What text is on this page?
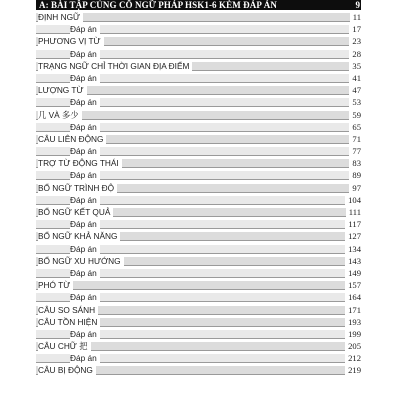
A: BÀI TẬP CỦNG CỐ NGỮ PHÁP HSK1-6 KÈM ĐÁP ÁN	9
ĐỊNH NGỮ	11
Đáp án	17
PHƯƠNG VỊ TỪ	23
Đáp án	28
TRẠNG NGỮ CHỈ THỜI GIAN ĐỊA ĐIỂM	35
Đáp án	41
LƯỢNG TỪ	47
Đáp án	53
几 VÀ 多少	59
Đáp án	65
CÂU LIÊN ĐỘNG	71
Đáp án	77
TRỢ TỪ ĐỘNG THÁI	83
Đáp án	89
BỔ NGỮ TRÌNH ĐỘ	97
Đáp án	104
BỔ NGỮ KẾT QUẢ	111
Đáp án	117
BỔ NGỮ KHẢ NĂNG	127
Đáp án	134
BỔ NGỮ XU HƯỚNG	143
Đáp án	149
PHÓ TỪ	157
Đáp án	164
CÂU SO SÁNH	171
CÂU TỒN HIỆN	193
Đáp án	199
CÂU CHỮ 把	205
Đáp án	212
CÂU BỊ ĐỘNG	219
